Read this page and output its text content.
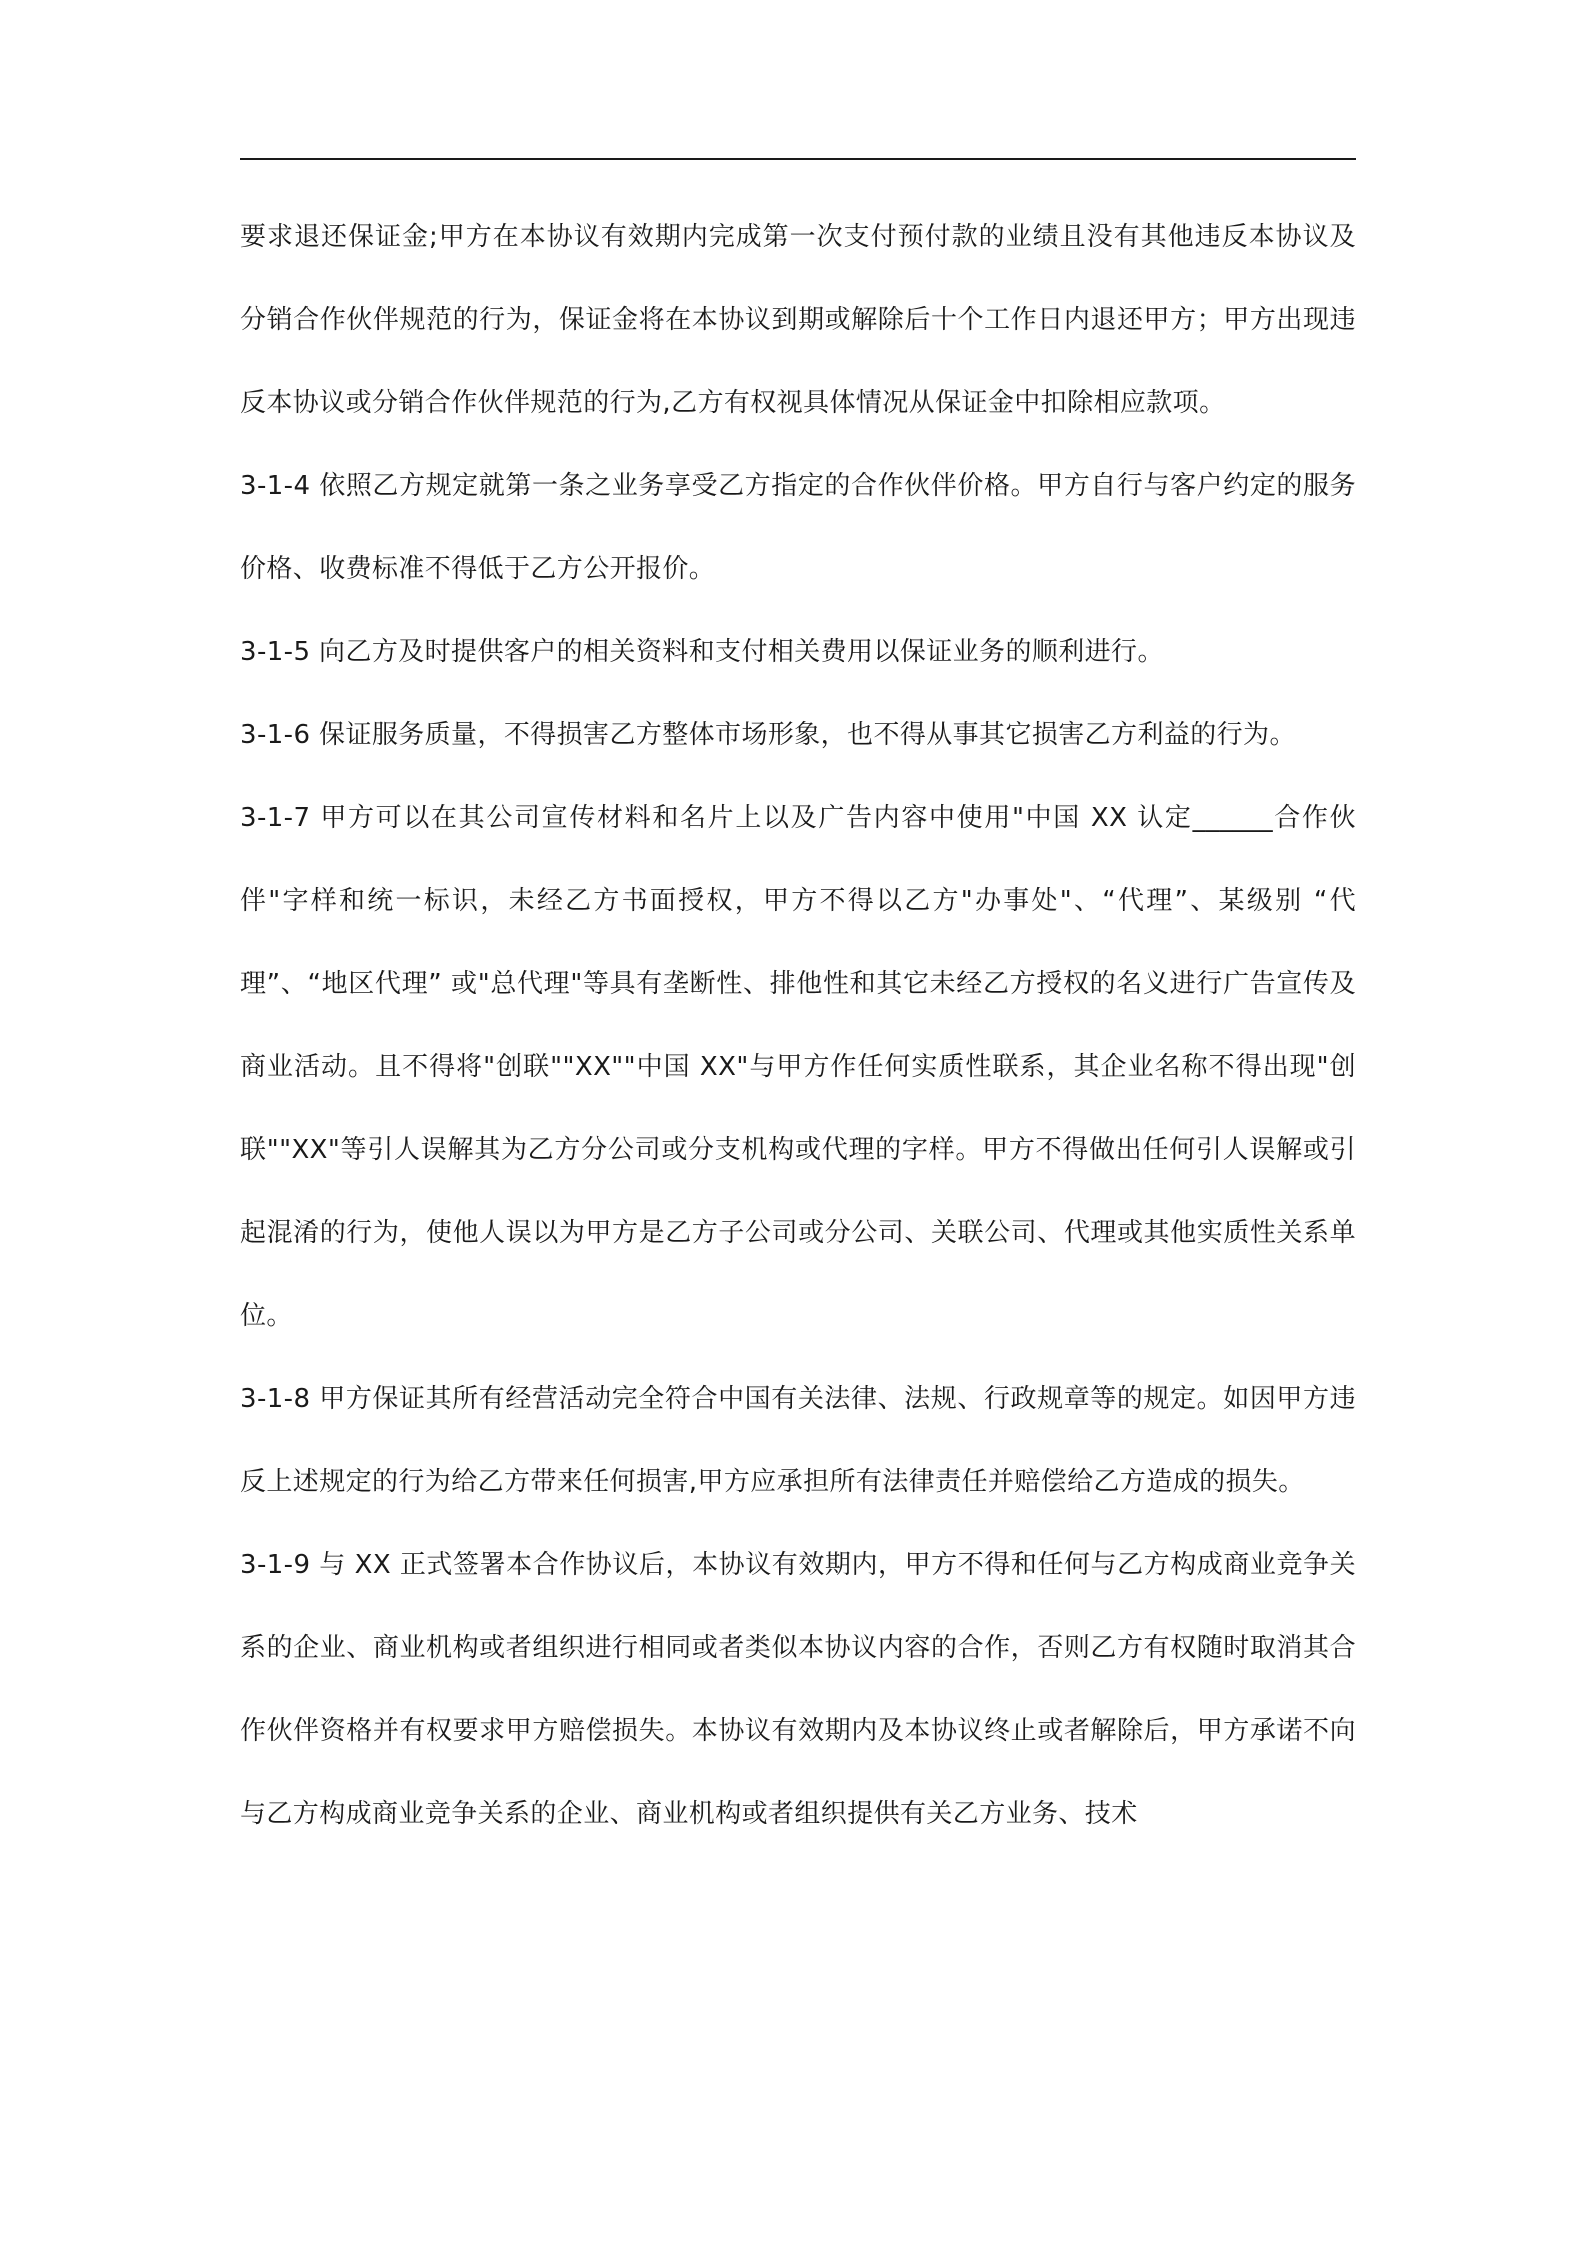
要求退还保证金;甲方在本协议有效期内完成第一次支付预付款的业绩且没有其他违反本协议及分销合作伙伴规范的行为，保证金将在本协议到期或解除后十个工作日内退还甲方；甲方出现违反本协议或分销合作伙伴规范的行为,乙方有权视具体情况从保证金中扣除相应款项。

3-1-4 依照乙方规定就第一条之业务享受乙方指定的合作伙伴价格。甲方自行与客户约定的服务价格、收费标准不得低于乙方公开报价。

3-1-5 向乙方及时提供客户的相关资料和支付相关费用以保证业务的顺利进行。

3-1-6 保证服务质量，不得损害乙方整体市场形象，也不得从事其它损害乙方利益的行为。

3-1-7 甲方可以在其公司宣传材料和名片上以及广告内容中使用"中国 XX 认定______合作伙伴"字样和统一标识，未经乙方书面授权，甲方不得以乙方"办事处"、“代理”、某级别 “代理”、“地区代理” 或"总代理"等具有垄断性、排他性和其它未经乙方授权的名义进行广告宣传及商业活动。且不得将"创联""XX""中国 XX"与甲方作任何实质性联系，其企业名称不得出现"创联""XX"等引人误解其为乙方分公司或分支机构或代理的字样。甲方不得做出任何引人误解或引起混淆的行为，使他人误以为甲方是乙方子公司或分公司、关联公司、代理或其他实质性关系单位。

3-1-8 甲方保证其所有经营活动完全符合中国有关法律、法规、行政规章等的规定。如因甲方违反上述规定的行为给乙方带来任何损害,甲方应承担所有法律责任并赔偿给乙方造成的损失。

3-1-9 与 XX 正式签署本合作协议后，本协议有效期内，甲方不得和任何与乙方构成商业竞争关系的企业、商业机构或者组织进行相同或者类似本协议内容的合作，否则乙方有权随时取消其合作伙伴资格并有权要求甲方赔偿损失。本协议有效期内及本协议终止或者解除后，甲方承诺不向与乙方构成商业竞争关系的企业、商业机构或者组织提供有关乙方业务、技术
